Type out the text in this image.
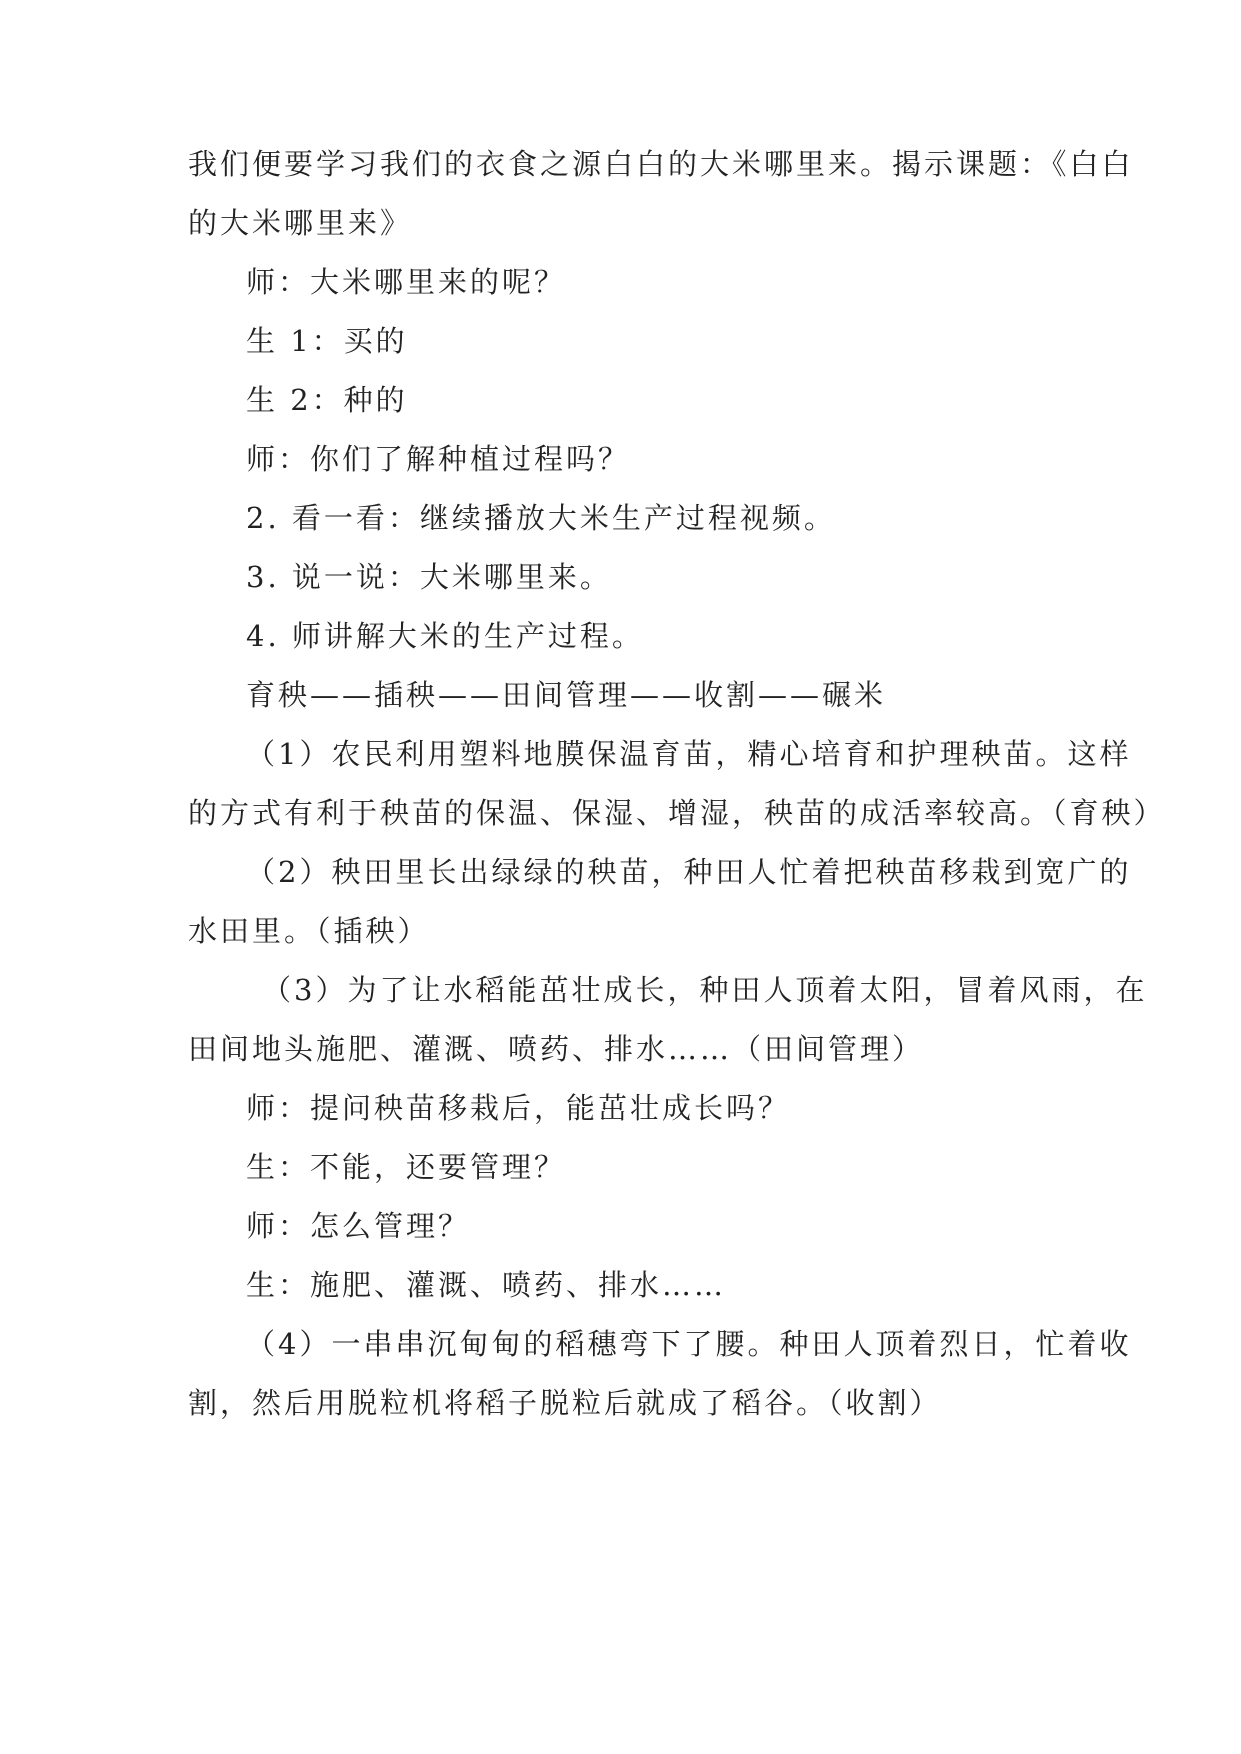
我们便要学习我们的衣食之源白白的大米哪里来。揭示课题：《白白
的大米哪里来》
师：大米哪里来的呢？
生 1：买的
生 2：种的
师：你们了解种植过程吗？
2. 看一看：继续播放大米生产过程视频。
3. 说一说：大米哪里来。
4. 师讲解大米的生产过程。
育秧——插秧——田间管理——收割——碾米
（1）农民利用塑料地膜保温育苗，精心培育和护理秧苗。这样
的方式有利于秧苗的保温、保湿、增湿，秧苗的成活率较高。（育秧）
（2）秧田里长出绿绿的秧苗，种田人忙着把秧苗移栽到宽广的
水田里。（插秧）
（3）为了让水稻能茁壮成长，种田人顶着太阳，冒着风雨，在
田间地头施肥、灌溉、喷药、排水……（田间管理）
师：提问秧苗移栽后，能茁壮成长吗？
生：不能，还要管理？
师：怎么管理？
生：施肥、灌溉、喷药、排水……
（4）一串串沉甸甸的稻穗弯下了腰。种田人顶着烈日，忙着收
割，然后用脱粒机将稻子脱粒后就成了稻谷。（收割）
